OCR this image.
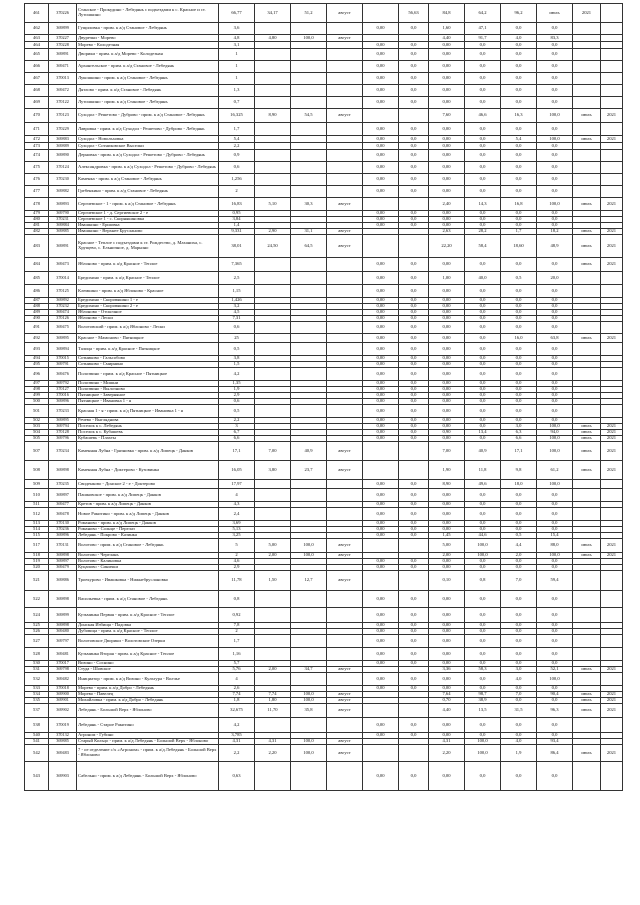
461	370226	Станское - Прокудино - Лебедянь с подъездами к с. Красное и ст. Лутошкино	66,77	34,17	51,2	август		56,63	84,8	64,2	96,2	июль	2021	
462	369899	Гущиловка - прим. к а/д Становое - Лебедянь	3,6				0,00	0,0	1,60	47,1	0,0	0,0		
463	370227	Двуречки - Морево	4,8	4,80	100,0	август			4,40	91,7	4,0	83,3		
464	370228	Морево - Колодезная	3,1				0,00	0,0	0,00	0,0	0,0	0,0		
465	369891	Дворики - прим. к а/д Морево - Колодезная	1				0,00	0,0	0,00	0,0	0,0	0,0		
466	369471	Архангельское - прим. к а/д Становое - Лебедянь	1				0,00	0,0	0,00	0,0	0,0	0,0		
467	370013	Лукошкино - прим. к а/д Становое - Лебедянь	1				0,00	0,0	0,00	0,0	0,0	0,0		
468	369472	Дятлово - прим. к а/д Становое - Лебедянь	1,3				0,00	0,0	0,00	0,0	0,0	0,0		
469	370122	Лутошкино - прим. к а/д Становое - Лебедянь	0,7				0,00	0,0	0,00	0,0	0,0	0,0		
470	370123	Суходол - Решетово - Дуброво - прим. к а/д Становое - Лебедянь	16,325	8,90	54,5	август			7,60	46,6	16,3	100,0	июль	2021
471	370229	Лавровка - прим. к а/д Суходол - Решетово - Дуброво - Лебедянь	1,7				0,00	0,0	0,00	0,0	0,0	0,0		
472	369883	Суходол - Новольховка	5,4				0,00	0,0	0,00	0,0	5,4	100,0	июль	2021
473	369889	Суходол - Сотниковское Выселки	2,2				0,00	0,0	0,00	0,0	0,0	0,0		
474	369890	Дерновка - прим. к а/д Суходол - Решетово - Дуброво - Лебедянь	0,9				0,00	0,0	0,00	0,0	0,0	0,0		
475	370124	Александровка - прим. к а/д Суходол - Решетово - Дуброво - Лебедянь	0,6				0,00	0,0	0,00	0,0	0,0	0,0		
476	370230	Каменка - прим. к а/д Становое - Лебедянь	1,256				0,00	0,0	0,00	0,0	0,0	0,0		
477	369882	Гребенкино - прим. к а/д Становое - Лебедянь	2				0,00	0,0	0,00	0,0	0,0	0,0		
478	369893	Сергиевское - 1 - прим. к а/д Становое - Лебедянь	16,83	5,10	30,3	август			2,40	14,3	16,8	100,0	июль	2021
479	369790	Сергиевское 1 - д. Сергиевское 2 - е	0,95				0,00	0,0	0,00	0,0	0,0	0,0		
480	370231	Сергиевское 1 - с. Скорнякиновка	3,84				0,00	0,0	0,00	0,0	0,0	0,0		
481	369884	Ивашкино - Ершовка	1,4				0,00	0,0	0,00	0,0	0,0	0,0		
482	369885	Ивашкино - Верхнее Брусланово	9,331	2,90	31,1	август			2,63	28,2	1,7	18,2	июль	2021
483	369891	Красное - Теплое с подъездами к ст. Рождество, д. Маханиха, с. Хрущево, с. Ельничное, д. Марьино	38,01	24,50	64,5	август			22,20	58,4	18,60	48,9	июль	2021
484	369473	Яблоново - прим. к а/д Красное - Теплое	7,365				0,00	0,0	0,00	0,0	0,0	0,0	июль	2021
485	370014	Бредихино - прим. к а/д Красное - Теплое	2,5				0,00	0,0	1,00	40,0	0,5	20,0		
486	370125	Клемкино - прим. к а/д Яблоново - Красное	1,15				0,00	0,0	0,00	0,0	0,0	0,0		
487	369892	Бредихино - Скоровякино 1 - е	1,426				0,00	0,0	0,00	0,0	0,0	0,0		
488	370232	Бредихино - Скоровякино 2 - е	3,2				0,00	0,0	0,00	0,0	0,0	0,0		
489	369474	Яблоново - Отскочное	4,5				0,00	0,0	0,00	0,0	0,0	0,0		
490	370126	Яблоново - Лески	7,31				0,00	0,0	0,00	0,0	0,0	0,0		
491	369475	Волотовский - прим. к а/д Яблоново - Лески	0,6				0,00	0,0	0,00	0,0	0,0	0,0		
492	369895	Красное - Мамоново - Пятницкое	25				0,00	0,0	0,00	0,0	16,0	63,8	июль	2021
493	369894	Талица - прим. к а/д Красное - Пятницкое	0,5				0,00	0,0	0,00	0,0	0,0	0,0		
494	370015	Сотниково - Гальсобово	3,8				0,00	0,0	0,00	0,0	0,0	0,0		
495	369791	Сотниково - Смирнино	1,5				0,00	0,0	0,00	0,0	0,0	0,0		
496	369476	Полозвино - прим. к а/д Красное - Пятницкое	4,2				0,00	0,0	0,00	0,0	0,0	0,0		
497	369792	Полозвино - Мишни	1,35				0,00	0,0	0,00	0,0	0,0	0,0		
498	370127	Полозвино - Вылозново	1,9				0,00	0,0	0,00	0,0	0,0	0,0		
499	370016	Пятницкое - Заверняное	2,9				0,00	0,0	0,00	0,0	0,0	0,0		
500	369896	Пятницкое - Ивановка 1 - я	0,6				0,00	0,0	0,00	0,0	0,0	0,0		
501	370233	Красная 1 - я - прим. к а/д Пятницкое - Ивановка 1 - я	0,5				0,00	0,0	0,00	0,0	0,0	0,0		
502	369895	Речево - Выгляднова	2,2				0,00	0,0	0,00	0,0	0,0	0,0		
503	369794	Поселок к с. Лебедянь	3				0,00	0,0	0,00	0,0	3,0	100,0	июль	2021
504	370128	Поселок к с. Кубашевь	6,7				0,00	0,0	0,90	13,4	6,3	94,0	июль	2021
505	369796	Кубашевь - Плахты	6,6				0,00	0,0	0,00	0,0	6,6	100,0	июль	2021
507	370234	Каменная Лубна - Грязновка - прим. к а/д Липецк - Данков	17,1	7,00	40,9	август			7,00	40,9	17,1	100,0	июль	2021
508	369898	Каменная Лубна - Доктерово - Кузовинка	16,05	3,80	23,7	август			1,90	11,8	9,8	61,2	июль	2021
509	370235	Свиденково - Донское 2 - е - Доктерово	17,97				0,00	0,0	8,90	49,6	18,0	100,0		
510	369897	Пашковское - прим. к а/д Липецк - Данков	4				0,00	0,0	0,00	0,0	0,0	0,0		
511	369477	Кретов - прим. к а/д Липецк - Данков	4,3				0,00	0,0	0,00	0,0	0,0	0,0		
512	369478	Новое Ракитино - прим. к а/д Липецк - Данков	2,4				0,00	0,0	0,00	0,0	0,0	0,0		
513	370130	Романово - прим. к а/д Липецк - Данков	3,69				0,00	0,0	0,00	0,0	0,0	0,0		
514	370236	Романово - Солнце - Перелаз	5,13				0,00	0,0	0,00	0,0	0,0	0,0		
515	369896	Лебедянь - Покрово - Казинка	3,25				0,00	0,0	1,45	44,6	0,5	15,4		
517	370131	Волотово - прим. к а/д Становое - Лебедянь	5	5,00	100,0	август			5,00	100,0	4,4	88,0	июль	2021
518	369898	Волотово - Черелань	2	2,00	100,0	август			2,00	100,0	2,0	100,0	июль	2021
519	369897	Волотово - Калиновка	4,6				0,00	0,0	0,00	0,0	0,0	0,0		
520	369479	Куцапово - Синички	2,9				0,00	0,0	0,00	0,0	0,0	0,0		
521	369886	Троекурово - Ивашковка - Нижнебруслановко	11,78	1,50	12,7	август			0,10	0,8	7,0	59,4		
522	369898	Васильевка - прим. к а/д Становое - Лебедянь	0,8				0,00	0,0	0,00	0,0	0,0	0,0		
524	369899	Кузьминка Первая - прим. к а/д Красное - Теплое	0,92				0,00	0,0	0,00	0,0	0,0	0,0		
525	369898	Донская Избища - Падовка	7,8				0,00	0,0	0,00	0,0	0,0	0,0		
526	369480	Дубовица - прим. к а/д Красное - Теплое	2				0,00	0,0	0,00	0,0	0,0	0,0		
527	369797	Волотовское Дворики - Волотовские Озерки	1,7				0,00	0,0	0,00	0,0	0,0	0,0		
528	369481	Кузьминка Вторая - прим. к а/д Красное - Теплое	1,16				0,00	0,0	0,00	0,0	0,0	0,0		
530	370017	Визино - Соснино	5,7				0,00	0,0	0,00	0,0	0,0	0,0		
531	369798	Студа - Шовское	5,76	2,00	34,7	август			3,36	58,3	3,0	52,1	июль	2021
532	369482	Инициатор - прим. к а/д Визино - Культура - Волчье	4				0,00	0,0	0,00	0,0	4,0	100,0		
533	370018	Морево - прим. к а/д Добро - Лебедянь	2,6				0,00	0,0	0,00	0,0	0,0	0,0		
534	369900	Морево - Павелец	7,74	7,74	100,0	август			7,64	98,7	7,0	90,4	июль	2021
535	369901	Михайловка - прим. к а/д Добро - Лебедянь	1,8	1,80	100,0	август			0,70	38,9	0,0	0,0	июль	2021
537	369902	Лебедянь - Большой Верх - Яблоново	32,675	11,70	35,8	август			4,40	13,5	31,5	96,3	июль	2021
538	370019	Лебедянь - Старое Ракитино	4,2				0,00	0,0	0,00	0,0	0,0	0,0		
540	370132	Агроном - Губино	3,785				0,00	0,0	0,00	0,0	0,0	0,0		
541	369885	Старый Кольцо - прим. к а/д Лебедянь - Большой Верх - Яблоново	4,31	4,31	100,0	август			4,31	100,0	4,0	93,4		
542	369483	7 - ое отделение с/х «Агроном» - прим. к а/д Лебедянь - Большой Верх - Яблоново	2,2	2,20	100,0	август			2,20	100,0	1,9	86,4	июль	2021
543	369903	Сабельно - прим. к а/д Лебедянь - Большой Верх - Яблоново	0,63				0,00	0,0	0,00	0,0	0,0	0,0		
